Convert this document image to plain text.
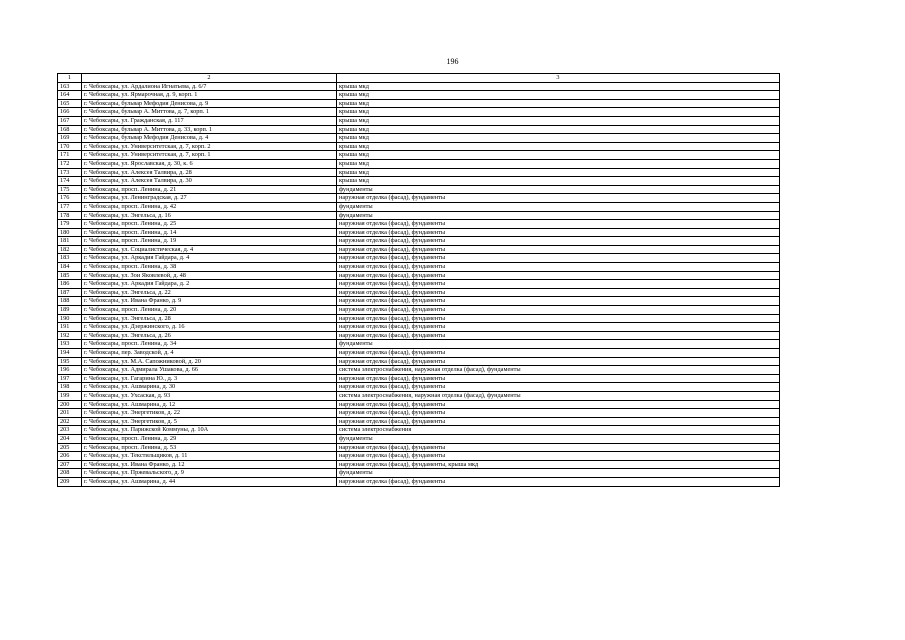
196
1	2	3
163	г. Чебоксары, ул. Ардалиона Игнатьева, д. 6/7	крыша мкд
164	г. Чебоксары, ул. Ярмарочная, д. 9, корп. 1	крыша мкд
165	г. Чебоксары, бульвар Мефодия Денисова, д. 9	крыша мкд
166	г. Чебоксары, бульвар А. Миттова, д. 7, корп. 1	крыша мкд
167	г. Чебоксары, ул. Гражданская, д. 117	крыша мкд
168	г. Чебоксары, бульвар А. Миттова, д. 33, корп. 1	крыша мкд
169	г. Чебоксары, бульвар Мефодия Денисова, д. 4	крыша мкд
170	г. Чебоксары, ул. Университетская, д. 7, корп. 2	крыша мкд
171	г. Чебоксары, ул. Университетская, д. 7, корп. 1	крыша мкд
172	г. Чебоксары, ул. Ярославская, д. 30, к. 6	крыша мкд
173	г. Чебоксары, ул. Алексея Талвира, д. 28	крыша мкд
174	г. Чебоксары, ул. Алексея Талвира, д. 30	крыша мкд
175	г. Чебоксары, просп. Ленина, д. 21	фундаменты
176	г. Чебоксары, ул. Ленинградская, д. 27	наружная отделка (фасад), фундаменты
177	г. Чебоксары, просп. Ленина, д. 42	фундаменты
178	г. Чебоксары, ул. Энгельса, д. 16	фундаменты
179	г. Чебоксары, просп. Ленина, д. 25	наружная отделка (фасад), фундаменты
180	г. Чебоксары, просп. Ленина, д. 14	наружная отделка (фасад), фундаменты
181	г. Чебоксары, просп. Ленина, д. 19	наружная отделка (фасад), фундаменты
182	г. Чебоксары, ул. Социалистическая, д. 4	наружная отделка (фасад), фундаменты
183	г. Чебоксары, ул. Аркадия Гайдара, д. 4	наружная отделка (фасад), фундаменты
184	г. Чебоксары, просп. Ленина, д. 38	наружная отделка (фасад), фундаменты
185	г. Чебоксары, ул. Зои Яковлевой, д. 48	наружная отделка (фасад), фундаменты
186	г. Чебоксары, ул. Аркадия Гайдара, д. 2	наружная отделка (фасад), фундаменты
187	г. Чебоксары, ул. Энгельса, д. 22	наружная отделка (фасад), фундаменты
188	г. Чебоксары, ул. Ивана Франко, д. 9	наружная отделка (фасад), фундаменты
189	г. Чебоксары, просп. Ленина, д. 20	наружная отделка (фасад), фундаменты
190	г. Чебоксары, ул. Энгельса, д. 28	наружная отделка (фасад), фундаменты
191	г. Чебоксары, ул. Дзержинского, д. 16	наружная отделка (фасад), фундаменты
192	г. Чебоксары, ул. Энгельса, д. 26	наружная отделка (фасад), фундаменты
193	г. Чебоксары, просп. Ленина, д. 34	фундаменты
194	г. Чебоксары, пер. Заводской, д. 4	наружная отделка (фасад), фундаменты
195	г. Чебоксары, ул. М.А. Сапожниковой, д. 20	наружная отделка (фасад), фундаменты
196	г. Чебоксары, ул. Адмирала Ушакова, д. 66	система электроснабжения, наружная отделка (фасад), фундаменты
197	г. Чебоксары, ул. Гагарина Ю., д. 3	наружная отделка (фасад), фундаменты
198	г. Чебоксары, ул. Ашмарина, д. 30	наружная отделка (фасад), фундаменты
199	г. Чебоксары, ул. Ухсаская, д. 93	система электроснабжения, наружная отделка (фасад), фундаменты
200	г. Чебоксары, ул. Ашмарина, д. 12	наружная отделка (фасад), фундаменты
201	г. Чебоксары, ул. Энергетиков, д. 22	наружная отделка (фасад), фундаменты
202	г. Чебоксары, ул. Энергетиков, д. 5	наружная отделка (фасад), фундаменты
203	г. Чебоксары, ул. Парижской Коммуны, д. 10А	система электроснабжения
204	г. Чебоксары, просп. Ленина, д. 29	фундаменты
205	г. Чебоксары, просп. Ленина, д. 53	наружная отделка (фасад), фундаменты
206	г. Чебоксары, ул. Текстильщиков, д. 11	наружная отделка (фасад), фундаменты
207	г. Чебоксары, ул. Ивана Франко, д. 12	наружная отделка (фасад), фундаменты, крыша мкд
208	г. Чебоксары, ул. Пржевальского, д. 9	фундаменты
209	г. Чебоксары, ул. Ашмарина, д. 44	наружная отделка (фасад), фундаменты
